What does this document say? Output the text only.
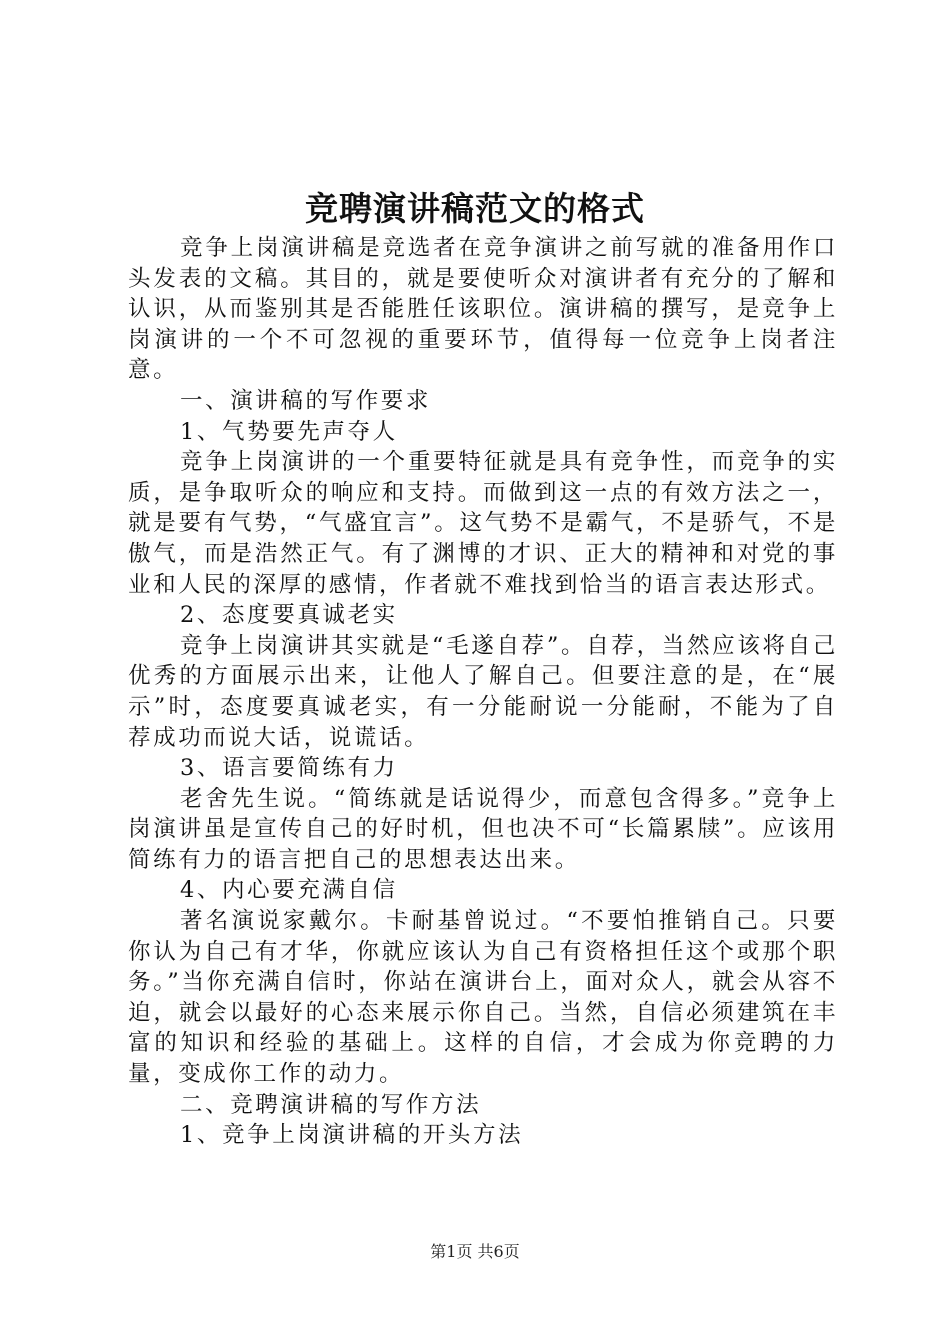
竞聘演讲稿范文的格式

竞争上岗演讲稿是竞选者在竞争演讲之前写就的准备用作口头发表的文稿。其目的，就是要使听众对演讲者有充分的了解和认识，从而鉴别其是否能胜任该职位。演讲稿的撰写，是竞争上岗演讲的一个不可忽视的重要环节，值得每一位竞争上岗者注意。

一、演讲稿的写作要求

1、气势要先声夺人

竞争上岗演讲的一个重要特征就是具有竞争性，而竞争的实质，是争取听众的响应和支持。而做到这一点的有效方法之一，就是要有气势，“气盛宜言”。这气势不是霸气，不是骄气，不是傲气，而是浩然正气。有了渊博的才识、正大的精神和对党的事业和人民的深厚的感情，作者就不难找到恰当的语言表达形式。

2、态度要真诚老实

竞争上岗演讲其实就是“毛遂自荐”。自荐，当然应该将自己优秀的方面展示出来，让他人了解自己。但要注意的是，在“展示”时，态度要真诚老实，有一分能耐说一分能耐，不能为了自荐成功而说大话，说谎话。

3、语言要简练有力

老舍先生说。“简练就是话说得少，而意包含得多。”竞争上岗演讲虽是宣传自己的好时机，但也决不可“长篇累牍”。应该用简练有力的语言把自己的思想表达出来。

4、内心要充满自信

著名演说家戴尔。卡耐基曾说过。“不要怕推销自己。只要你认为自己有才华，你就应该认为自己有资格担任这个或那个职务。”当你充满自信时，你站在演讲台上，面对众人，就会从容不迫，就会以最好的心态来展示你自己。当然，自信必须建筑在丰富的知识和经验的基础上。这样的自信，才会成为你竞聘的力量，变成你工作的动力。

二、竞聘演讲稿的写作方法

1、竞争上岗演讲稿的开头方法

第1页 共6页
